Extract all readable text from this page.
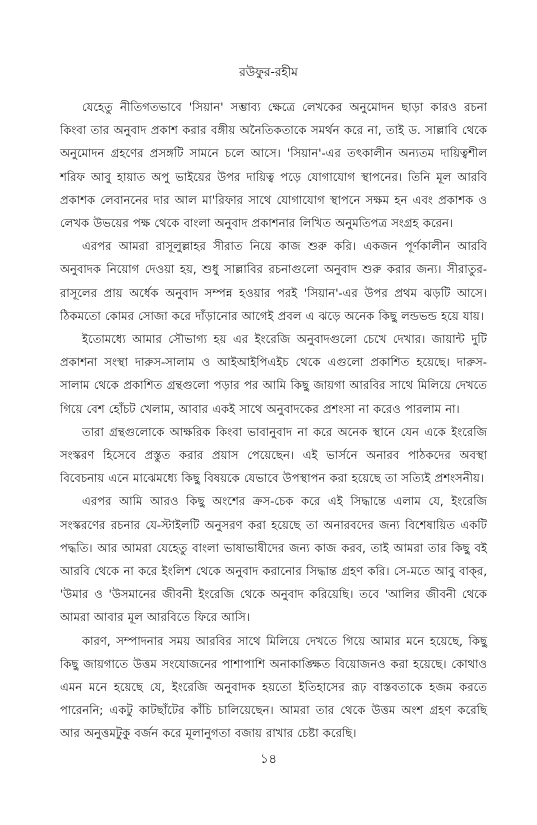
রউফুর-রহীম

যেহেতু নীতিগতভাবে 'সিয়ান' সম্ভাব্য ক্ষেত্রে লেখকের অনুমোদন ছাড়া কারও রচনা কিংবা তার অনুবাদ প্রকাশ করার বঙ্গীয় অনৈতিকতাকে সমর্থন করে না, তাই ড. সাল্লাবি থেকে অনুমোদন গ্রহণের প্রসঙ্গটি সামনে চলে আসে। 'সিয়ান'-এর তৎকালীন অন্যতম দায়িত্বশীল শরিফ আবু হায়াত অপু ভাইয়ের উপর দায়িত্ব পড়ে যোগাযোগ স্থাপনের। তিনি মূল আরবি প্রকাশক লেবাননের দার আল মা'রিফার সাথে যোগাযোগ স্থাপনে সক্ষম হন এবং প্রকাশক ও লেখক উভয়ের পক্ষ থেকে বাংলা অনুবাদ প্রকাশনার লিখিত অনুমতিপত্র সংগ্রহ করেন।

এরপর আমরা রাসূলুল্লাহর সীরাত নিয়ে কাজ শুরু করি। একজন পূর্ণকালীন আরবি অনুবাদক নিয়োগ দেওয়া হয়, শুধু সাল্লাবির রচনাগুলো অনুবাদ শুরু করার জন্য। সীরাতুর-রাসূলের প্রায় অর্ধেক অনুবাদ সম্পন্ন হওয়ার পরই 'সিয়ান'-এর উপর প্রথম ঝড়টি আসে। ঠিকমতো কোমর সোজা করে দাঁড়ানোর আগেই প্রবল এ ঝড়ে অনেক কিছু লন্ডভন্ড হয়ে যায়।

ইতোমধ্যে আমার সৌভাগ্য হয় এর ইংরেজি অনুবাদগুলো চেখে দেখার। জায়ান্ট দুটি প্রকাশনা সংস্থা দারুস-সালাম ও আইআইপিএইচ থেকে এগুলো প্রকাশিত হয়েছে। দারুস-সালাম থেকে প্রকাশিত গ্রন্থগুলো পড়ার পর আমি কিছু জায়গা আরবির সাথে মিলিয়ে দেখতে গিয়ে বেশ হোঁচট খেলাম, আবার একই সাথে অনুবাদকের প্রশংসা না করেও পারলাম না।

তারা গ্রন্থগুলোকে আক্ষরিক কিংবা ভাবানুবাদ না করে অনেক স্থানে যেন একে ইংরেজি সংস্করণ হিসেবে প্রস্তুত করার প্রয়াস পেয়েছেন। এই ভার্সনে অনারব পাঠকদের অবস্থা বিবেচনায় এনে মাঝেমধ্যে কিছু বিষয়কে যেভাবে উপস্থাপন করা হয়েছে তা সত্যিই প্রশংসনীয়।

এরপর আমি আরও কিছু অংশের ক্রস-চেক করে এই সিদ্ধান্তে এলাম যে, ইংরেজি সংস্করণের রচনার যে-স্টাইলটি অনুসরণ করা হয়েছে তা অনারবদের জন্য বিশেষায়িত একটি পদ্ধতি। আর আমরা যেহেতু বাংলা ভাষাভাষীদের জন্য কাজ করব, তাই আমরা তার কিছু বই আরবি থেকে না করে ইংলিশ থেকে অনুবাদ করানোর সিদ্ধান্ত গ্রহণ করি। সে-মতে আবু বাক্‌র, 'উমার ও 'উসমানের জীবনী ইংরেজি থেকে অনুবাদ করিয়েছি। তবে 'আলির জীবনী থেকে আমরা আবার মূল আরবিতে ফিরে আসি।

কারণ, সম্পাদনার সময় আরবির সাথে মিলিয়ে দেখতে গিয়ে আমার মনে হয়েছে, কিছু কিছু জায়গাতে উত্তম সংযোজনের পাশাপাশি অনাকাঙ্ক্ষিত বিয়োজনও করা হয়েছে। কোথাও এমন মনে হয়েছে যে, ইংরেজি অনুবাদক হয়তো ইতিহাসের রূঢ় বাস্তবতাকে হজম করতে পারেননি; একটু কাটছাঁটের কাঁচি চালিয়েছেন। আমরা তার থেকে উত্তম অংশ গ্রহণ করেছি আর অনুত্তমটুকু বর্জন করে মূলানুগতা বজায় রাখার চেষ্টা করেছি।

১৪
